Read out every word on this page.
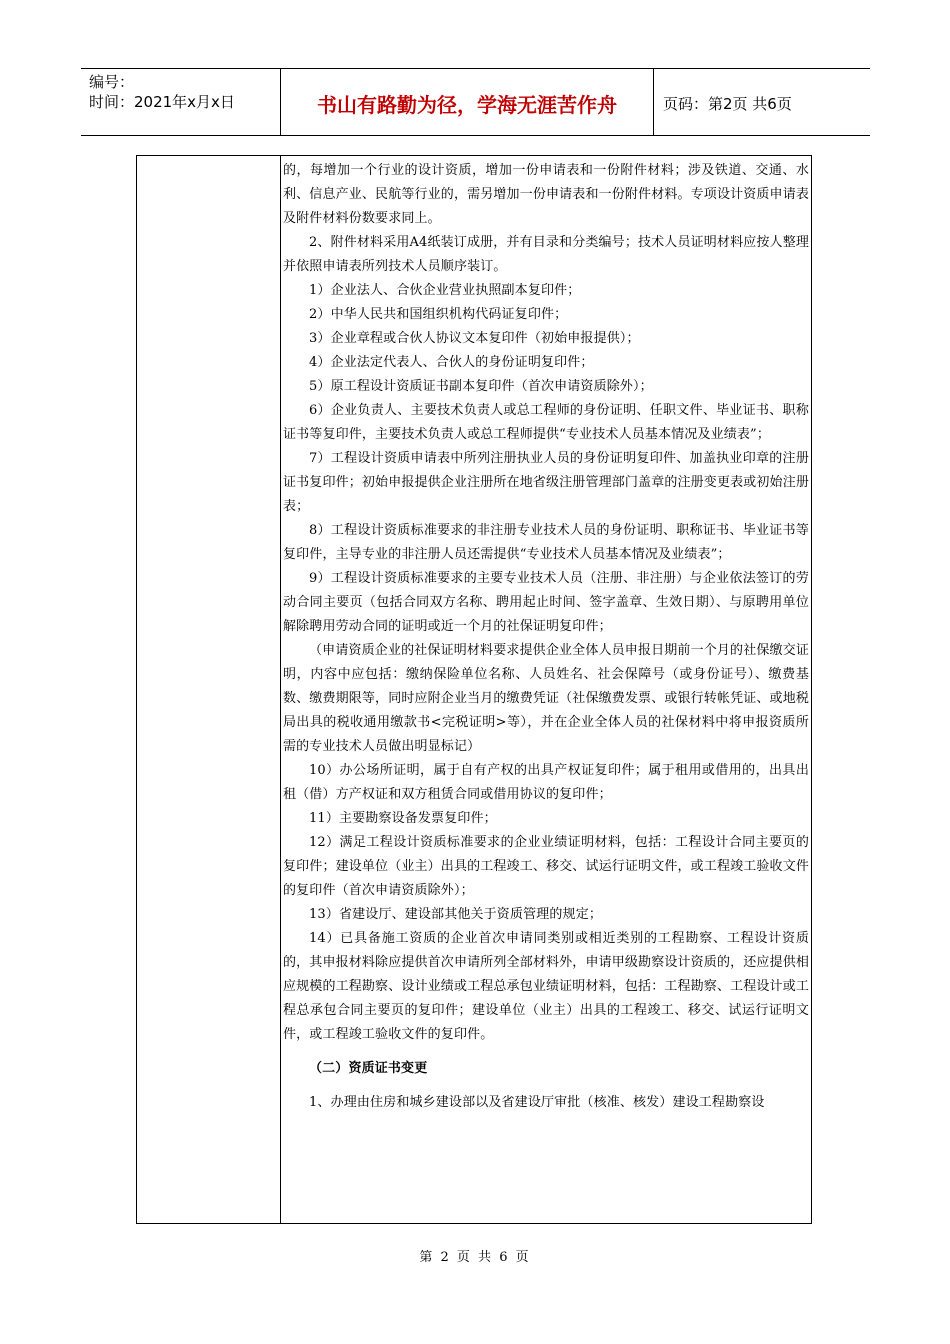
编号：
时间：2021年x月x日	书山有路勤为径，学海无涯苦作舟	页码：第2页 共6页

的，每增加一个行业的设计资质，增加一份申请表和一份附件材料；涉及铁道、交通、水利、信息产业、民航等行业的，需另增加一份申请表和一份附件材料。专项设计资质申请表及附件材料份数要求同上。

2、附件材料采用A4纸装订成册，并有目录和分类编号；技术人员证明材料应按人整理并依照申请表所列技术人员顺序装订。

1）企业法人、合伙企业营业执照副本复印件；

2）中华人民共和国组织机构代码证复印件；

3）企业章程或合伙人协议文本复印件（初始申报提供）；

4）企业法定代表人、合伙人的身份证明复印件；

5）原工程设计资质证书副本复印件（首次申请资质除外）；

6）企业负责人、主要技术负责人或总工程师的身份证明、任职文件、毕业证书、职称证书等复印件，主要技术负责人或总工程师提供“专业技术人员基本情况及业绩表”；

7）工程设计资质申请表中所列注册执业人员的身份证明复印件、加盖执业印章的注册证书复印件；初始申报提供企业注册所在地省级注册管理部门盖章的注册变更表或初始注册表；

8）工程设计资质标准要求的非注册专业技术人员的身份证明、职称证书、毕业证书等复印件，主导专业的非注册人员还需提供“专业技术人员基本情况及业绩表”；

9）工程设计资质标准要求的主要专业技术人员（注册、非注册）与企业依法签订的劳动合同主要页（包括合同双方名称、聘用起止时间、签字盖章、生效日期）、与原聘用单位解除聘用劳动合同的证明或近一个月的社保证明复印件；

（申请资质企业的社保证明材料要求提供企业全体人员申报日期前一个月的社保缴交证明，内容中应包括：缴纳保险单位名称、人员姓名、社会保障号（或身份证号）、缴费基数、缴费期限等，同时应附企业当月的缴费凭证（社保缴费发票、或银行转帐凭证、或地税局出具的税收通用缴款书<完税证明>等），并在企业全体人员的社保材料中将申报资质所需的专业技术人员做出明显标记）

10）办公场所证明，属于自有产权的出具产权证复印件；属于租用或借用的，出具出租（借）方产权证和双方租赁合同或借用协议的复印件；

11）主要勘察设备发票复印件；

12）满足工程设计资质标准要求的企业业绩证明材料，包括：工程设计合同主要页的复印件；建设单位（业主）出具的工程竣工、移交、试运行证明文件，或工程竣工验收文件的复印件（首次申请资质除外）；

13）省建设厅、建设部其他关于资质管理的规定；

14）已具备施工资质的企业首次申请同类别或相近类别的工程勘察、工程设计资质的，其申报材料除应提供首次申请所列全部材料外，申请甲级勘察设计资质的，还应提供相应规模的工程勘察、设计业绩或工程总承包业绩证明材料，包括：工程勘察、工程设计或工程总承包合同主要页的复印件；建设单位（业主）出具的工程竣工、移交、试运行证明文件，或工程竣工验收文件的复印件。

（二）资质证书变更

1、办理由住房和城乡建设部以及省建设厅审批（核准、核发）建设工程勘察设

第 2 页 共 6 页
